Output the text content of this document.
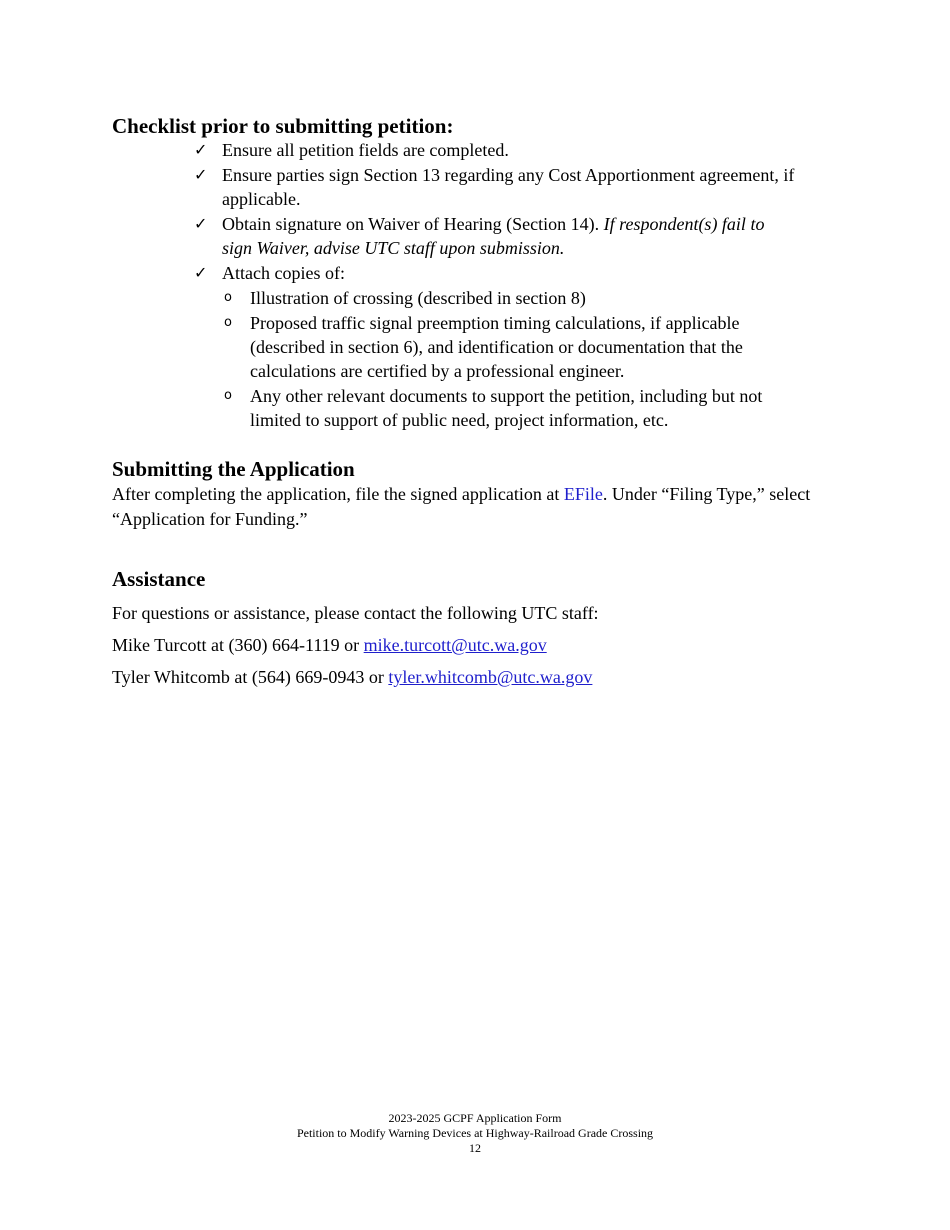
Checklist prior to submitting petition:
✓ Ensure all petition fields are completed.
✓ Ensure parties sign Section 13 regarding any Cost Apportionment agreement, if applicable.
✓ Obtain signature on Waiver of Hearing (Section 14). If respondent(s) fail to sign Waiver, advise UTC staff upon submission.
✓ Attach copies of:
o Illustration of crossing (described in section 8)
o Proposed traffic signal preemption timing calculations, if applicable (described in section 6), and identification or documentation that the calculations are certified by a professional engineer.
o Any other relevant documents to support the petition, including but not limited to support of public need, project information, etc.
Submitting the Application

After completing the application, file the signed application at EFile. Under “Filing Type,” select “Application for Funding.”

Assistance

For questions or assistance, please contact the following UTC staff:

Mike Turcott at (360) 664-1119 or mike.turcott@utc.wa.gov

Tyler Whitcomb at (564) 669-0943 or tyler.whitcomb@utc.wa.gov

2023-2025 GCPF Application Form
Petition to Modify Warning Devices at Highway-Railroad Grade Crossing
12
